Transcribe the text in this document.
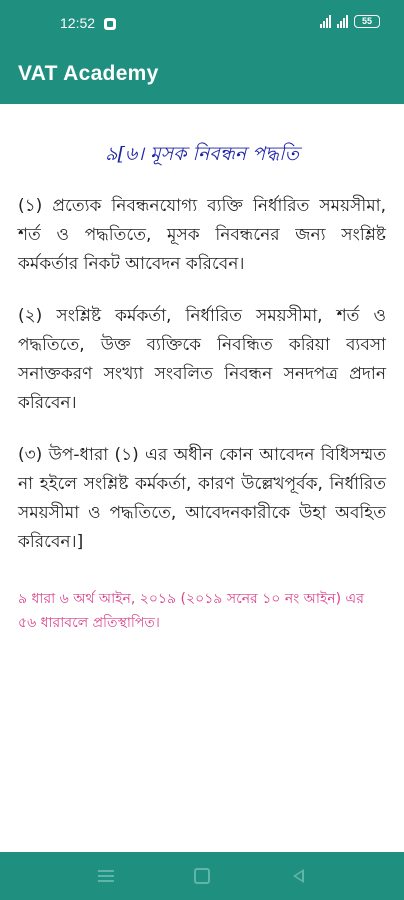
12:52	55
VAT Academy
৯[৬। মূসক নিবন্ধন পদ্ধতি

(১) প্রত্যেক নিবন্ধনযোগ্য ব্যক্তি নির্ধারিত সময়সীমা, শর্ত ও পদ্ধতিতে, মূসক নিবন্ধনের জন্য সংশ্লিষ্ট কর্মকর্তার নিকট আবেদন করিবেন।

(২) সংশ্লিষ্ট কর্মকর্তা, নির্ধারিত সময়সীমা, শর্ত ও পদ্ধতিতে, উক্ত ব্যক্তিকে নিবন্ধিত করিয়া ব্যবসা সনাক্তকরণ সংখ্যা সংবলিত নিবন্ধন সনদপত্র প্রদান করিবেন।

(৩) উপ-ধারা (১) এর অধীন কোন আবেদন বিধিসম্মত না হইলে সংশ্লিষ্ট কর্মকর্তা, কারণ উল্লেখপূর্বক, নির্ধারিত সময়সীমা ও পদ্ধতিতে, আবেদনকারীকে উহা অবহিত করিবেন।]

৯ ধারা ৬ অর্থ আইন, ২০১৯ (২০১৯ সনের ১০ নং আইন) এর ৫৬ ধারাবলে প্রতিস্থাপিত।
